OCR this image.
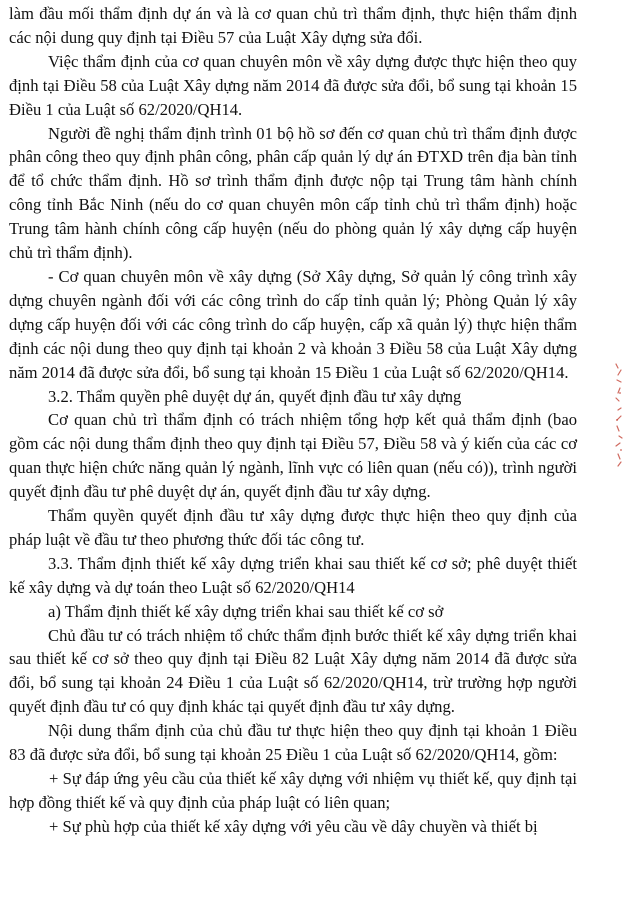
làm đầu mối thẩm định dự án và là cơ quan chủ trì thẩm định, thực hiện thẩm định các nội dung quy định tại Điều 57 của Luật Xây dựng sửa đổi.

Việc thẩm định của cơ quan chuyên môn về xây dựng được thực hiện theo quy định tại Điều 58 của Luật Xây dựng năm 2014 đã được sửa đổi, bổ sung tại khoản 15 Điều 1 của Luật số 62/2020/QH14.

Người đề nghị thẩm định trình 01 bộ hồ sơ đến cơ quan chủ trì thẩm định được phân công theo quy định phân công, phân cấp quản lý dự án ĐTXD trên địa bàn tỉnh để tổ chức thẩm định. Hồ sơ trình thẩm định được nộp tại Trung tâm hành chính công tỉnh Bắc Ninh (nếu do cơ quan chuyên môn cấp tỉnh chủ trì thẩm định) hoặc Trung tâm hành chính công cấp huyện (nếu do phòng quản lý xây dựng cấp huyện chủ trì thẩm định).

- Cơ quan chuyên môn về xây dựng (Sở Xây dựng, Sở quản lý công trình xây dựng chuyên ngành đối với các công trình do cấp tỉnh quản lý; Phòng Quản lý xây dựng cấp huyện đối với các công trình do cấp huyện, cấp xã quản lý) thực hiện thẩm định các nội dung theo quy định tại khoản 2 và khoản 3 Điều 58 của Luật Xây dựng năm 2014 đã được sửa đổi, bổ sung tại khoản 15 Điều 1 của Luật số 62/2020/QH14.

3.2. Thẩm quyền phê duyệt dự án, quyết định đầu tư xây dựng

Cơ quan chủ trì thẩm định có trách nhiệm tổng hợp kết quả thẩm định (bao gồm các nội dung thẩm định theo quy định tại Điều 57, Điều 58 và ý kiến của các cơ quan thực hiện chức năng quản lý ngành, lĩnh vực có liên quan (nếu có)), trình người quyết định đầu tư phê duyệt dự án, quyết định đầu tư xây dựng.

Thẩm quyền quyết định đầu tư xây dựng được thực hiện theo quy định của pháp luật về đầu tư theo phương thức đối tác công tư.

3.3. Thẩm định thiết kế xây dựng triển khai sau thiết kế cơ sở; phê duyệt thiết kế xây dựng và dự toán theo Luật số 62/2020/QH14

a) Thẩm định thiết kế xây dựng triển khai sau thiết kế cơ sở

Chủ đầu tư có trách nhiệm tổ chức thẩm định bước thiết kế xây dựng triển khai sau thiết kế cơ sở theo quy định tại Điều 82 Luật Xây dựng năm 2014 đã được sửa đổi, bổ sung tại khoản 24 Điều 1 của Luật số 62/2020/QH14, trừ trường hợp người quyết định đầu tư có quy định khác tại quyết định đầu tư xây dựng.

Nội dung thẩm định của chủ đầu tư thực hiện theo quy định tại khoản 1 Điều 83 đã được sửa đổi, bổ sung tại khoản 25 Điều 1 của Luật số 62/2020/QH14, gồm:

+ Sự đáp ứng yêu cầu của thiết kế xây dựng với nhiệm vụ thiết kế, quy định tại hợp đồng thiết kế và quy định của pháp luật có liên quan;

+ Sự phù hợp của thiết kế xây dựng với yêu cầu về dây chuyền và thiết bị
